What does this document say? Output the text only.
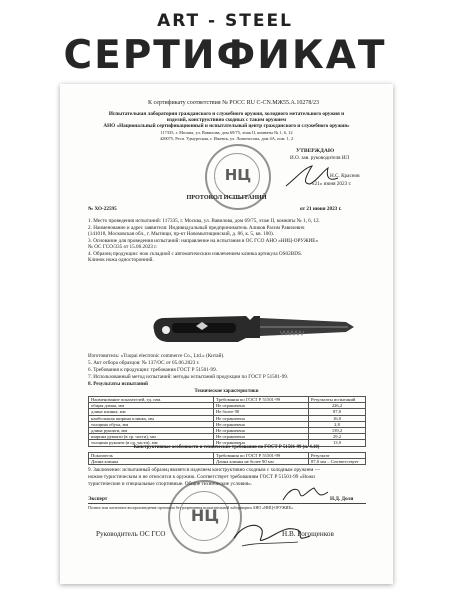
ART - STEEL
СЕРТИФИКАТ
К сертификату соответствия № РОСС RU C-CN.МЖ55.A.10278/23
Испытательная лаборатория гражданского и служебного оружия, холодного метательного оружия и
изделий, конструктивно сходных с таким оружием
АНО «Национальный сертификационный и испытательный центр гражданского и служебного оружия»
117335, г. Москва, ул. Вавилова, дом 69/75, этаж II, комнаты № 1, 6, 12
420075, Респ. Удмуртская, г. Ижевск, ул. Ломоносова, дом 4А, пом. 1, 2
НЦ
УТВЕРЖДАЮ
И.О. зав. руководителя ИЛ
Н.С. Краснов
«21» июня 2023 г.
ПРОТОКОЛ ИСПЫТАНИЙ
№ ХО-22595	от 21 июня 2023 г.
1. Место проведения испытаний: 117335, г. Москва, ул. Вавилова, дом 69/75, этаж II, комнаты № 1, 6, 12.
2. Наименование и адрес заявителя: Индивидуальный предприниматель Аликов Расим Равилевич
(141018, Московская обл., г. Мытищи, пр-кт Новомытищинский, д. 86, к. 5, кв. 100).
3. Основание для проведения испытаний: направление на испытания в ОС ГСО АНО «НИЦ-ОРУЖИЕ»
№ ОС ГСО/335 от 15.06.2023 г.
4. Образец продукции: нож складной с автоматическим извлечением клинка артикула OS02BDS.
Клинок ножа односторонний.
Изготовитель: «Tuopai electronic commerce Co., Ltd.» (Китай).
5. Акт отбора образцов: № 137/ОС от 05.06.2023 г.
6. Требования к продукции: требования ГОСТ Р 51501-99.
7. Использованный метод испытаний: методы испытаний продукции по ГОСТ Р 51501-99.
8. Результаты испытаний
Технические характеристики
Наименование показателей, ед. изм.	Требования по ГОСТ Р 51501-99	Результаты испытаний
общая длина, мм	Не ограничена	226,2
длина клинка, мм	Не более 90	87,0
наибольшая ширина клинка, мм	Не ограничена	16,0
толщина обуха, мм	Не ограничена	2,8
длина рукояти, мм	Не ограничена	139,2
ширина рукояти (в ср. части), мм	Не ограничена	29,2
толщина рукояти (в ср. части), мм	Не ограничена	13,9
Конструктивные особенности и технические требования по ГОСТ Р 51501-99 (п. 4.10)
Показатель	Требования по ГОСТ Р 51501-99	Результат
Длина клинка	Длина клинка не более 90 мм	87,0 мм – Соответствует
9. Заключение: испытанный образец является изделием конструктивно сходным с холодным оружием —
ножом туристическим и не относится к оружию. Соответствует требованиям ГОСТ Р 51501-99 «Ножи
туристические и специальные спортивные. Общие технические условия».
НЦ
Эксперт	Н.Д. Доля
Полное или частичное воспроизведение протокола без разрешения испытательной лаборатории АНО «НИЦ-ОРУЖИЕ».
Руководитель ОС ГСО	Н.В. Рогощенков
